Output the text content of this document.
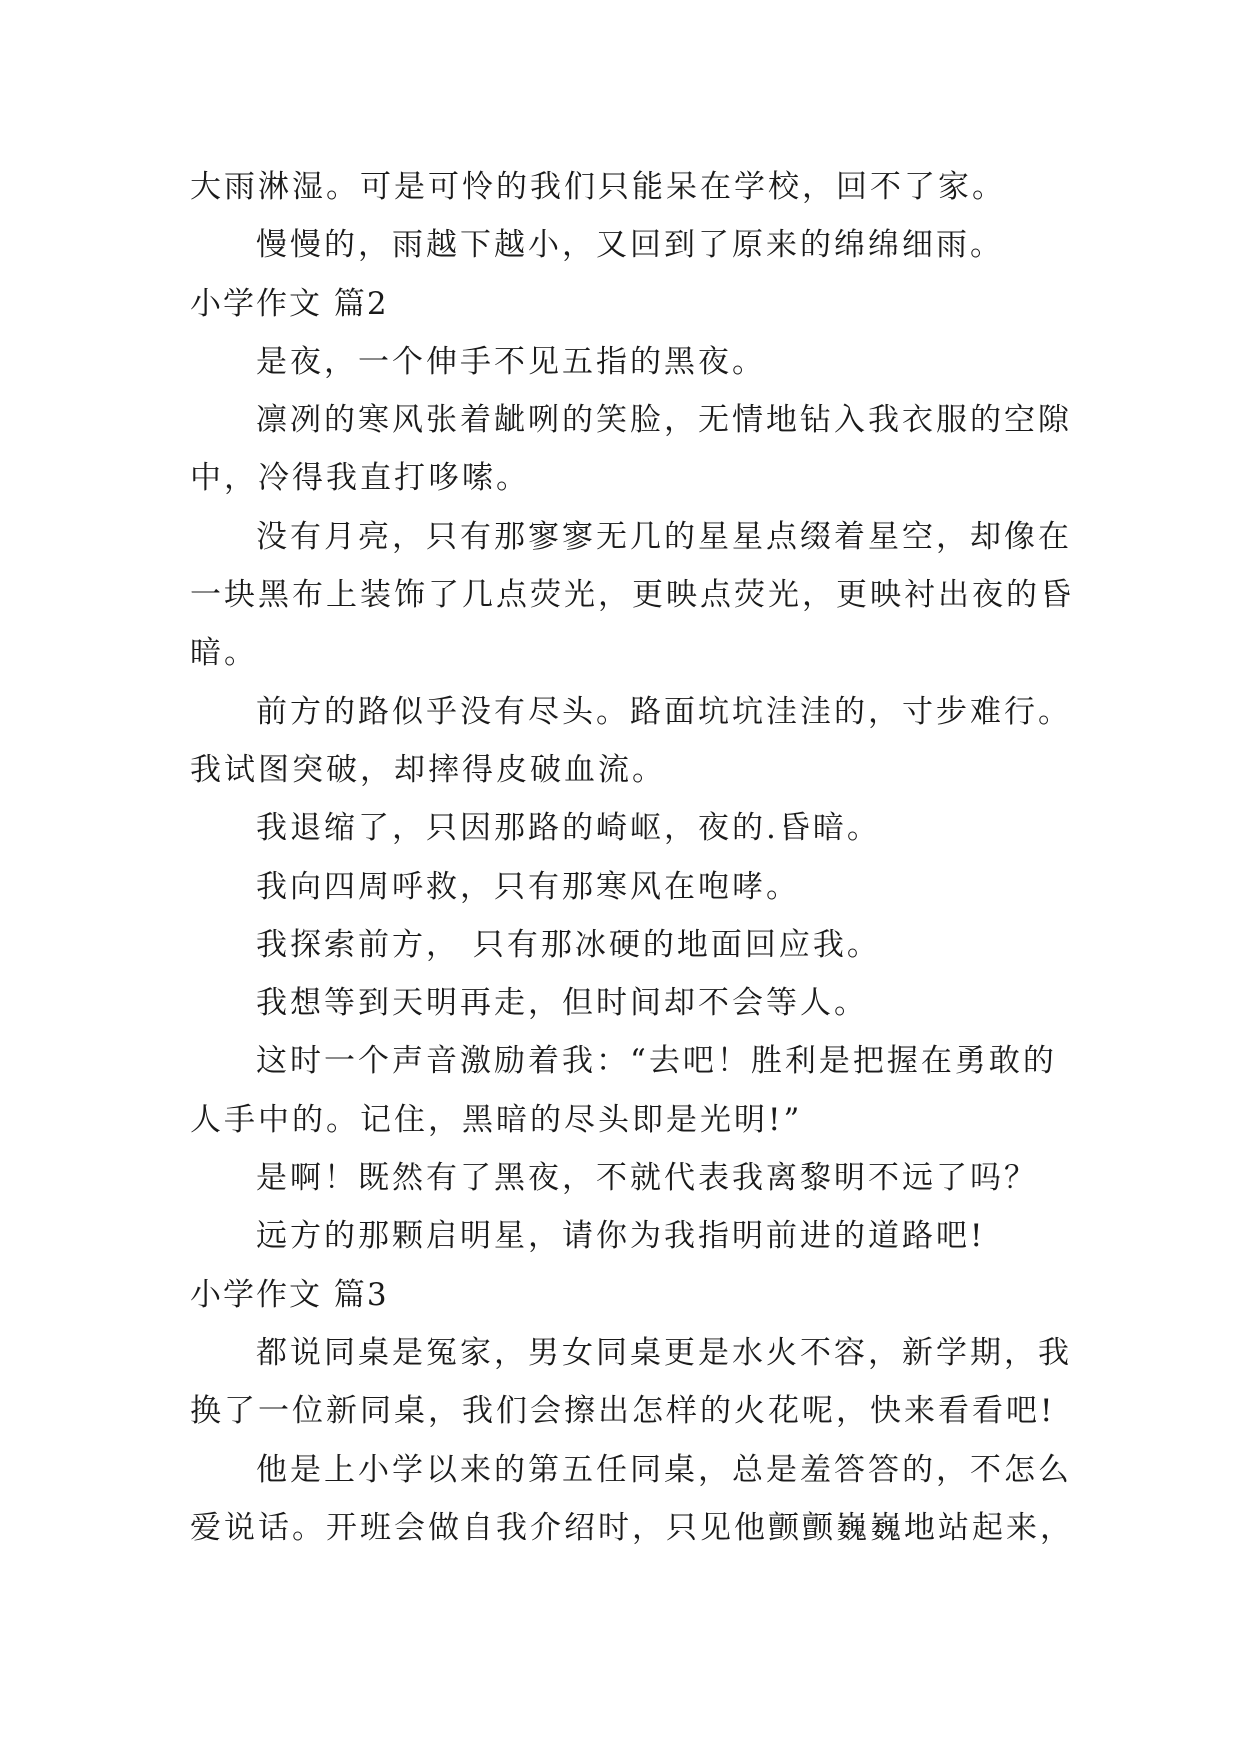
大雨淋湿。可是可怜的我们只能呆在学校，回不了家。
慢慢的，雨越下越小，又回到了原来的绵绵细雨。
小学作文 篇2
是夜，一个伸手不见五指的黑夜。
凛冽的寒风张着龇咧的笑脸，无情地钻入我衣服的空隙
中，冷得我直打哆嗦。
没有月亮，只有那寥寥无几的星星点缀着星空，却像在
一块黑布上装饰了几点荧光，更映点荧光，更映衬出夜的昏
暗。
前方的路似乎没有尽头。路面坑坑洼洼的，寸步难行。
我试图突破，却摔得皮破血流。
我退缩了，只因那路的崎岖，夜的.昏暗。
我向四周呼救，只有那寒风在咆哮。
我探索前方， 只有那冰硬的地面回应我。
我想等到天明再走，但时间却不会等人。
这时一个声音激励着我：“去吧！胜利是把握在勇敢的
人手中的。记住，黑暗的尽头即是光明!”
是啊！既然有了黑夜，不就代表我离黎明不远了吗？
远方的那颗启明星，请你为我指明前进的道路吧!
小学作文 篇3
都说同桌是冤家，男女同桌更是水火不容，新学期，我
换了一位新同桌，我们会擦出怎样的火花呢，快来看看吧!
他是上小学以来的第五任同桌，总是羞答答的，不怎么
爱说话。开班会做自我介绍时，只见他颤颤巍巍地站起来，
